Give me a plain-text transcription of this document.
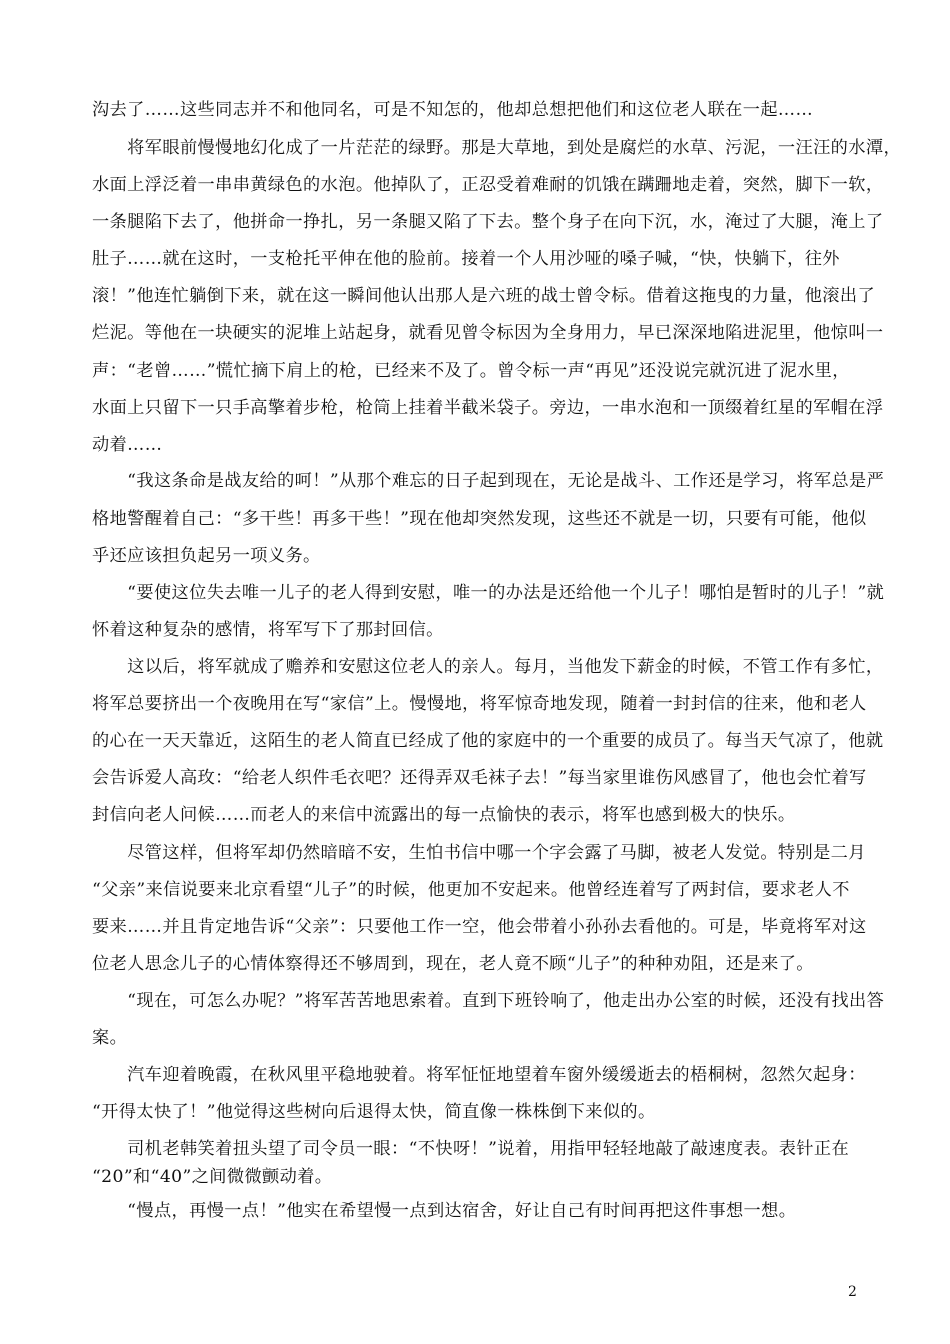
沟去了……这些同志并不和他同名，可是不知怎的，他却总想把他们和这位老人联在一起……
　　将军眼前慢慢地幻化成了一片茫茫的绿野。那是大草地，到处是腐烂的水草、污泥，一汪汪的水潭，
水面上浮泛着一串串黄绿色的水泡。他掉队了，正忍受着难耐的饥饿在蹒跚地走着，突然，脚下一软，
一条腿陷下去了，他拼命一挣扎，另一条腿又陷了下去。整个身子在向下沉，水，淹过了大腿，淹上了
肚子……就在这时，一支枪托平伸在他的脸前。接着一个人用沙哑的嗓子喊，“快，快躺下，往外
滚！”他连忙躺倒下来，就在这一瞬间他认出那人是六班的战士曾令标。借着这拖曳的力量，他滚出了
烂泥。等他在一块硬实的泥堆上站起身，就看见曾令标因为全身用力，早已深深地陷进泥里，他惊叫一
声：“老曾……”慌忙摘下肩上的枪，已经来不及了。曾令标一声“再见”还没说完就沉进了泥水里，
水面上只留下一只手高擎着步枪，枪筒上挂着半截米袋子。旁边，一串水泡和一顶缀着红星的军帽在浮
动着……
　　“我这条命是战友给的呵！”从那个难忘的日子起到现在，无论是战斗、工作还是学习，将军总是严
格地警醒着自己：“多干些！再多干些！”现在他却突然发现，这些还不就是一切，只要有可能，他似
乎还应该担负起另一项义务。
　　“要使这位失去唯一儿子的老人得到安慰，唯一的办法是还给他一个儿子！哪怕是暂时的儿子！”就
怀着这种复杂的感情，将军写下了那封回信。
　　这以后，将军就成了赡养和安慰这位老人的亲人。每月，当他发下薪金的时候，不管工作有多忙，
将军总要挤出一个夜晚用在写“家信”上。慢慢地，将军惊奇地发现，随着一封封信的往来，他和老人
的心在一天天靠近，这陌生的老人简直已经成了他的家庭中的一个重要的成员了。每当天气凉了，他就
会告诉爱人高玫：“给老人织件毛衣吧？还得弄双毛袜子去！”每当家里谁伤风感冒了，他也会忙着写
封信向老人问候……而老人的来信中流露出的每一点愉快的表示，将军也感到极大的快乐。
　　尽管这样，但将军却仍然暗暗不安，生怕书信中哪一个字会露了马脚，被老人发觉。特别是二月
“父亲”来信说要来北京看望“儿子”的时候，他更加不安起来。他曾经连着写了两封信，要求老人不
要来……并且肯定地告诉“父亲”：只要他工作一空，他会带着小孙孙去看他的。可是，毕竟将军对这
位老人思念儿子的心情体察得还不够周到，现在，老人竟不顾“儿子”的种种劝阻，还是来了。
　　“现在，可怎么办呢？”将军苦苦地思索着。直到下班铃响了，他走出办公室的时候，还没有找出答
案。
　　汽车迎着晚霞，在秋风里平稳地驶着。将军怔怔地望着车窗外缓缓逝去的梧桐树，忽然欠起身：
“开得太快了！”他觉得这些树向后退得太快，简直像一株株倒下来似的。
　　司机老韩笑着扭头望了司令员一眼：“不快呀！”说着，用指甲轻轻地敲了敲速度表。表针正在
“20”和“40”之间微微颤动着。
　　“慢点，再慢一点！”他实在希望慢一点到达宿舍，好让自己有时间再把这件事想一想。
2
